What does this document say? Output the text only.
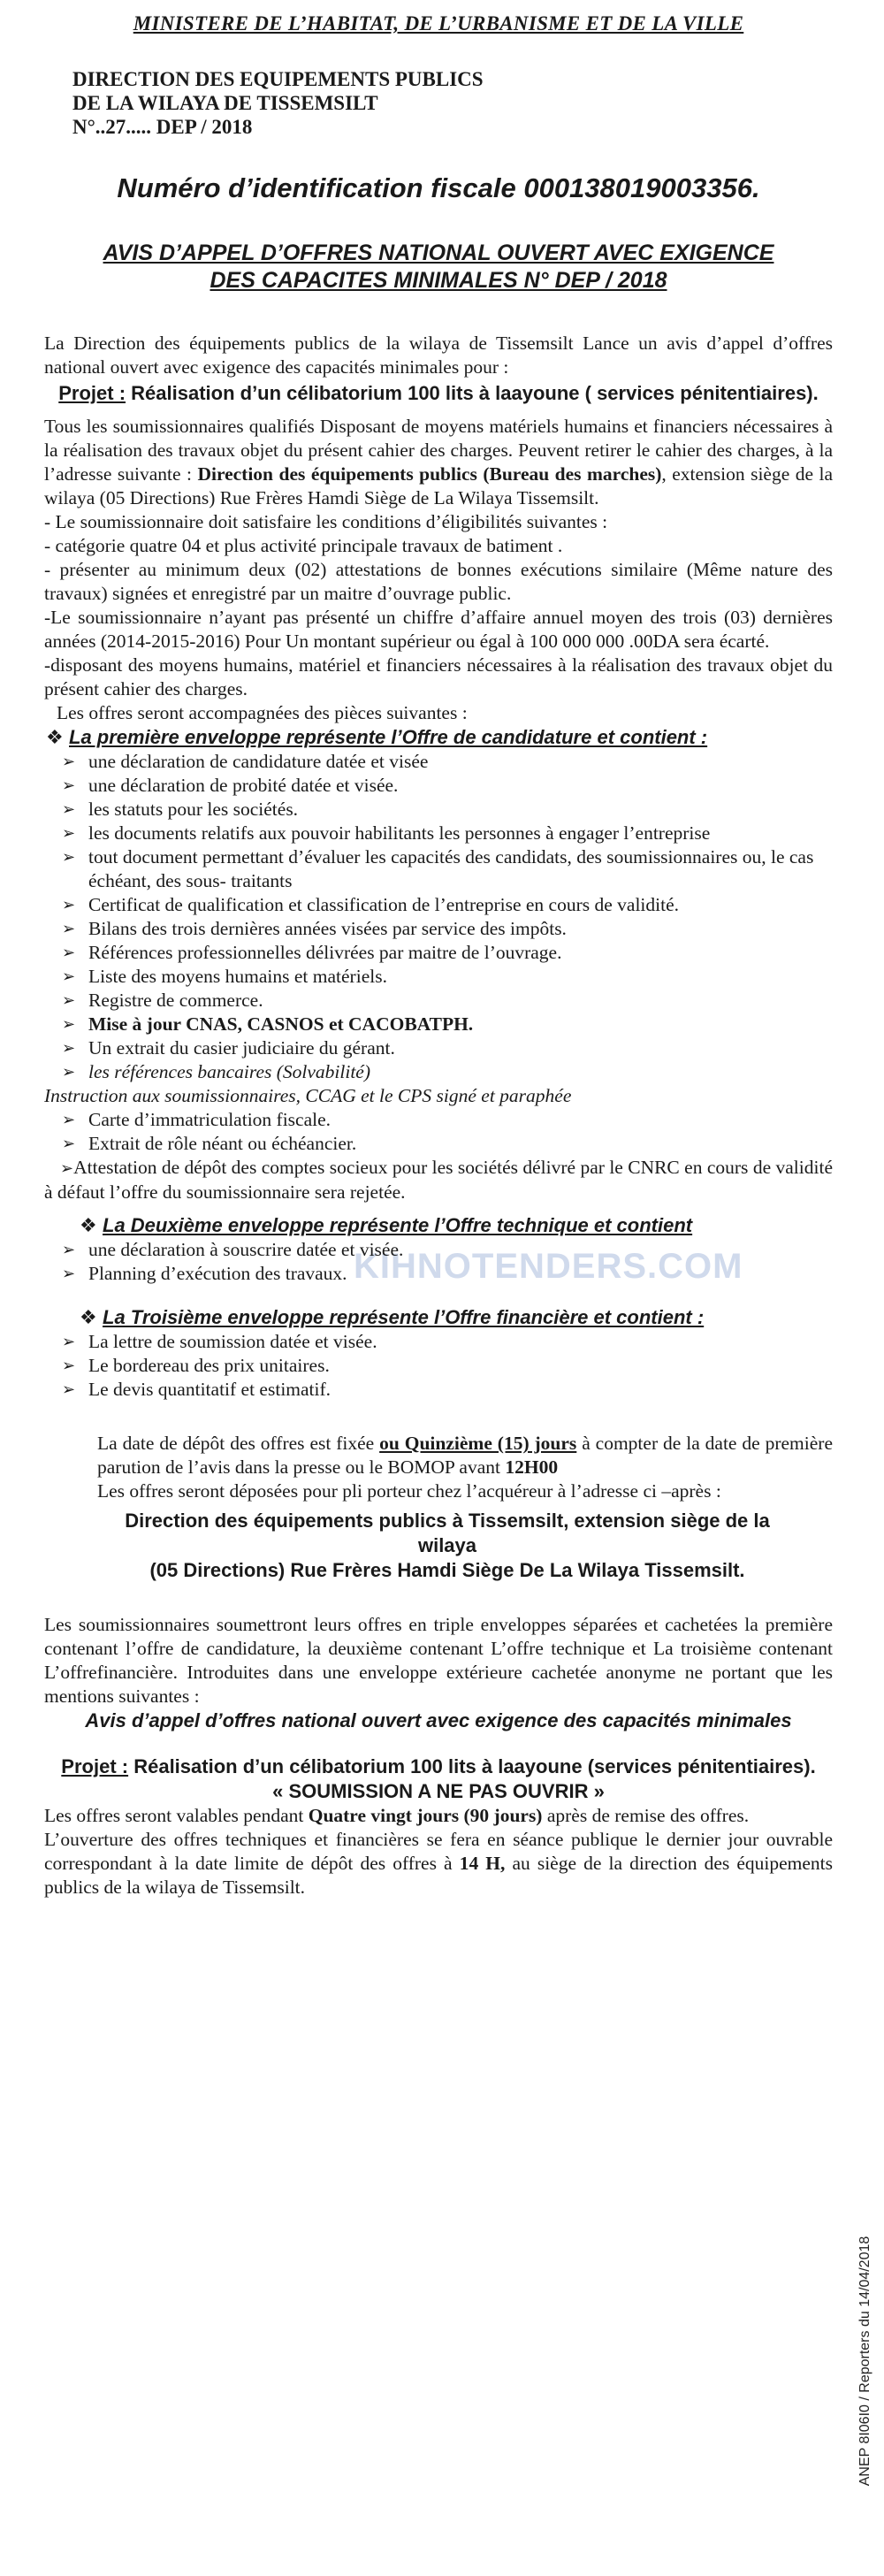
KIHNOTENDERS.COM
MINISTERE DE L’HABITAT, DE L’URBANISME ET DE LA VILLE
DIRECTION DES EQUIPEMENTS PUBLICS
DE LA WILAYA DE TISSEMSILT
N°..27..... DEP / 2018
Numéro d’identification fiscale 000138019003356.
AVIS D’APPEL D’OFFRES NATIONAL OUVERT AVEC EXIGENCE
DES CAPACITES MINIMALES N° DEP / 2018

La Direction des équipements publics de la wilaya de Tissemsilt Lance un avis d’appel d’offres national ouvert avec exigence des capacités minimales pour :

Projet : Réalisation d’un célibatorium 100 lits à laayoune ( services pénitentiaires).

Tous les soumissionnaires qualifiés Disposant de moyens matériels humains et financiers nécessaires à la réalisation des travaux objet du présent cahier des charges. Peuvent retirer le cahier des charges, à la l’adresse suivante : Direction des équipements publics (Bureau des marches), extension siège de la wilaya (05 Directions) Rue Frères Hamdi Siège de La Wilaya Tissemsilt.

- Le soumissionnaire doit satisfaire les conditions d’éligibilités suivantes :

- catégorie quatre 04 et plus activité principale travaux de batiment .

- présenter au minimum deux (02) attestations de bonnes exécutions similaire (Même nature des travaux) signées et enregistré par un maitre d’ouvrage public.

-Le soumissionnaire n’ayant pas présenté un chiffre d’affaire annuel moyen des trois (03) dernières années (2014-2015-2016) Pour Un montant supérieur ou égal à 100 000 000 .00DA sera écarté.

-disposant des moyens humains, matériel et financiers nécessaires à la réalisation des travaux objet du présent cahier des charges.

Les offres seront accompagnées des pièces suivantes :

❖ La première enveloppe représente l’Offre de candidature et contient :
➢ une déclaration de candidature datée et visée
➢ une déclaration de probité datée et visée.
➢ les statuts pour les sociétés.
➢ les documents relatifs aux pouvoir habilitants les personnes à engager l’entreprise
➢ tout document permettant d’évaluer les capacités des candidats, des soumissionnaires ou, le cas échéant, des sous- traitants
➢ Certificat de qualification et classification de l’entreprise en cours de validité.
➢ Bilans des trois dernières années visées par service des impôts.
➢ Références professionnelles délivrées par maitre de l’ouvrage.
➢ Liste des moyens humains et matériels.
➢ Registre de commerce.
➢ Mise à jour CNAS, CASNOS et CACOBATPH.
➢ Un extrait du casier judiciaire du gérant.
➢ les références bancaires (Solvabilité)

Instruction aux soumissionnaires, CCAG et le CPS signé et paraphée

➢ Carte d’immatriculation fiscale.
➢ Extrait de rôle néant ou échéancier.

➢Attestation de dépôt des comptes socieux pour les sociétés délivré par le CNRC en cours de validité à défaut l’offre du soumissionnaire sera rejetée.

❖ La Deuxième enveloppe représente l’Offre technique et contient
➢ une déclaration à souscrire datée et visée.
➢ Planning d’exécution des travaux.
❖ La Troisième enveloppe représente l’Offre financière et contient :
➢ La lettre de soumission datée et visée.
➢ Le bordereau des prix unitaires.
➢ Le devis quantitatif et estimatif.

La date de dépôt des offres est fixée ou Quinzième (15) jours à compter de la date de première parution de l’avis dans la presse ou le BOMOP avant 12H00

Les offres seront déposées pour pli porteur chez l’acquéreur à l’adresse ci –après :

Direction des équipements publics à Tissemsilt, extension siège de la wilaya
(05 Directions) Rue Frères Hamdi Siège De La Wilaya Tissemsilt.

Les soumissionnaires soumettront leurs offres en triple enveloppes séparées et cachetées la première contenant l’offre de candidature, la deuxième contenant L’offre technique et La troisième contenant L’offrefinancière. Introduites dans une enveloppe extérieure cachetée anonyme ne portant que les mentions suivantes :

Avis d’appel d’offres national ouvert avec exigence des capacités minimales
Projet : Réalisation d’un célibatorium 100 lits à laayoune (services pénitentiaires).
« SOUMISSION A NE PAS OUVRIR »

Les offres seront valables pendant Quatre vingt jours (90 jours) après de remise des offres.

L’ouverture des offres techniques et financières se fera en séance publique le dernier jour ouvrable correspondant à la date limite de dépôt des offres à 14 H, au siège de la direction des équipements publics de la wilaya de Tissemsilt.

ANEP 8I06I0 / Reporters du 14/04/2018
